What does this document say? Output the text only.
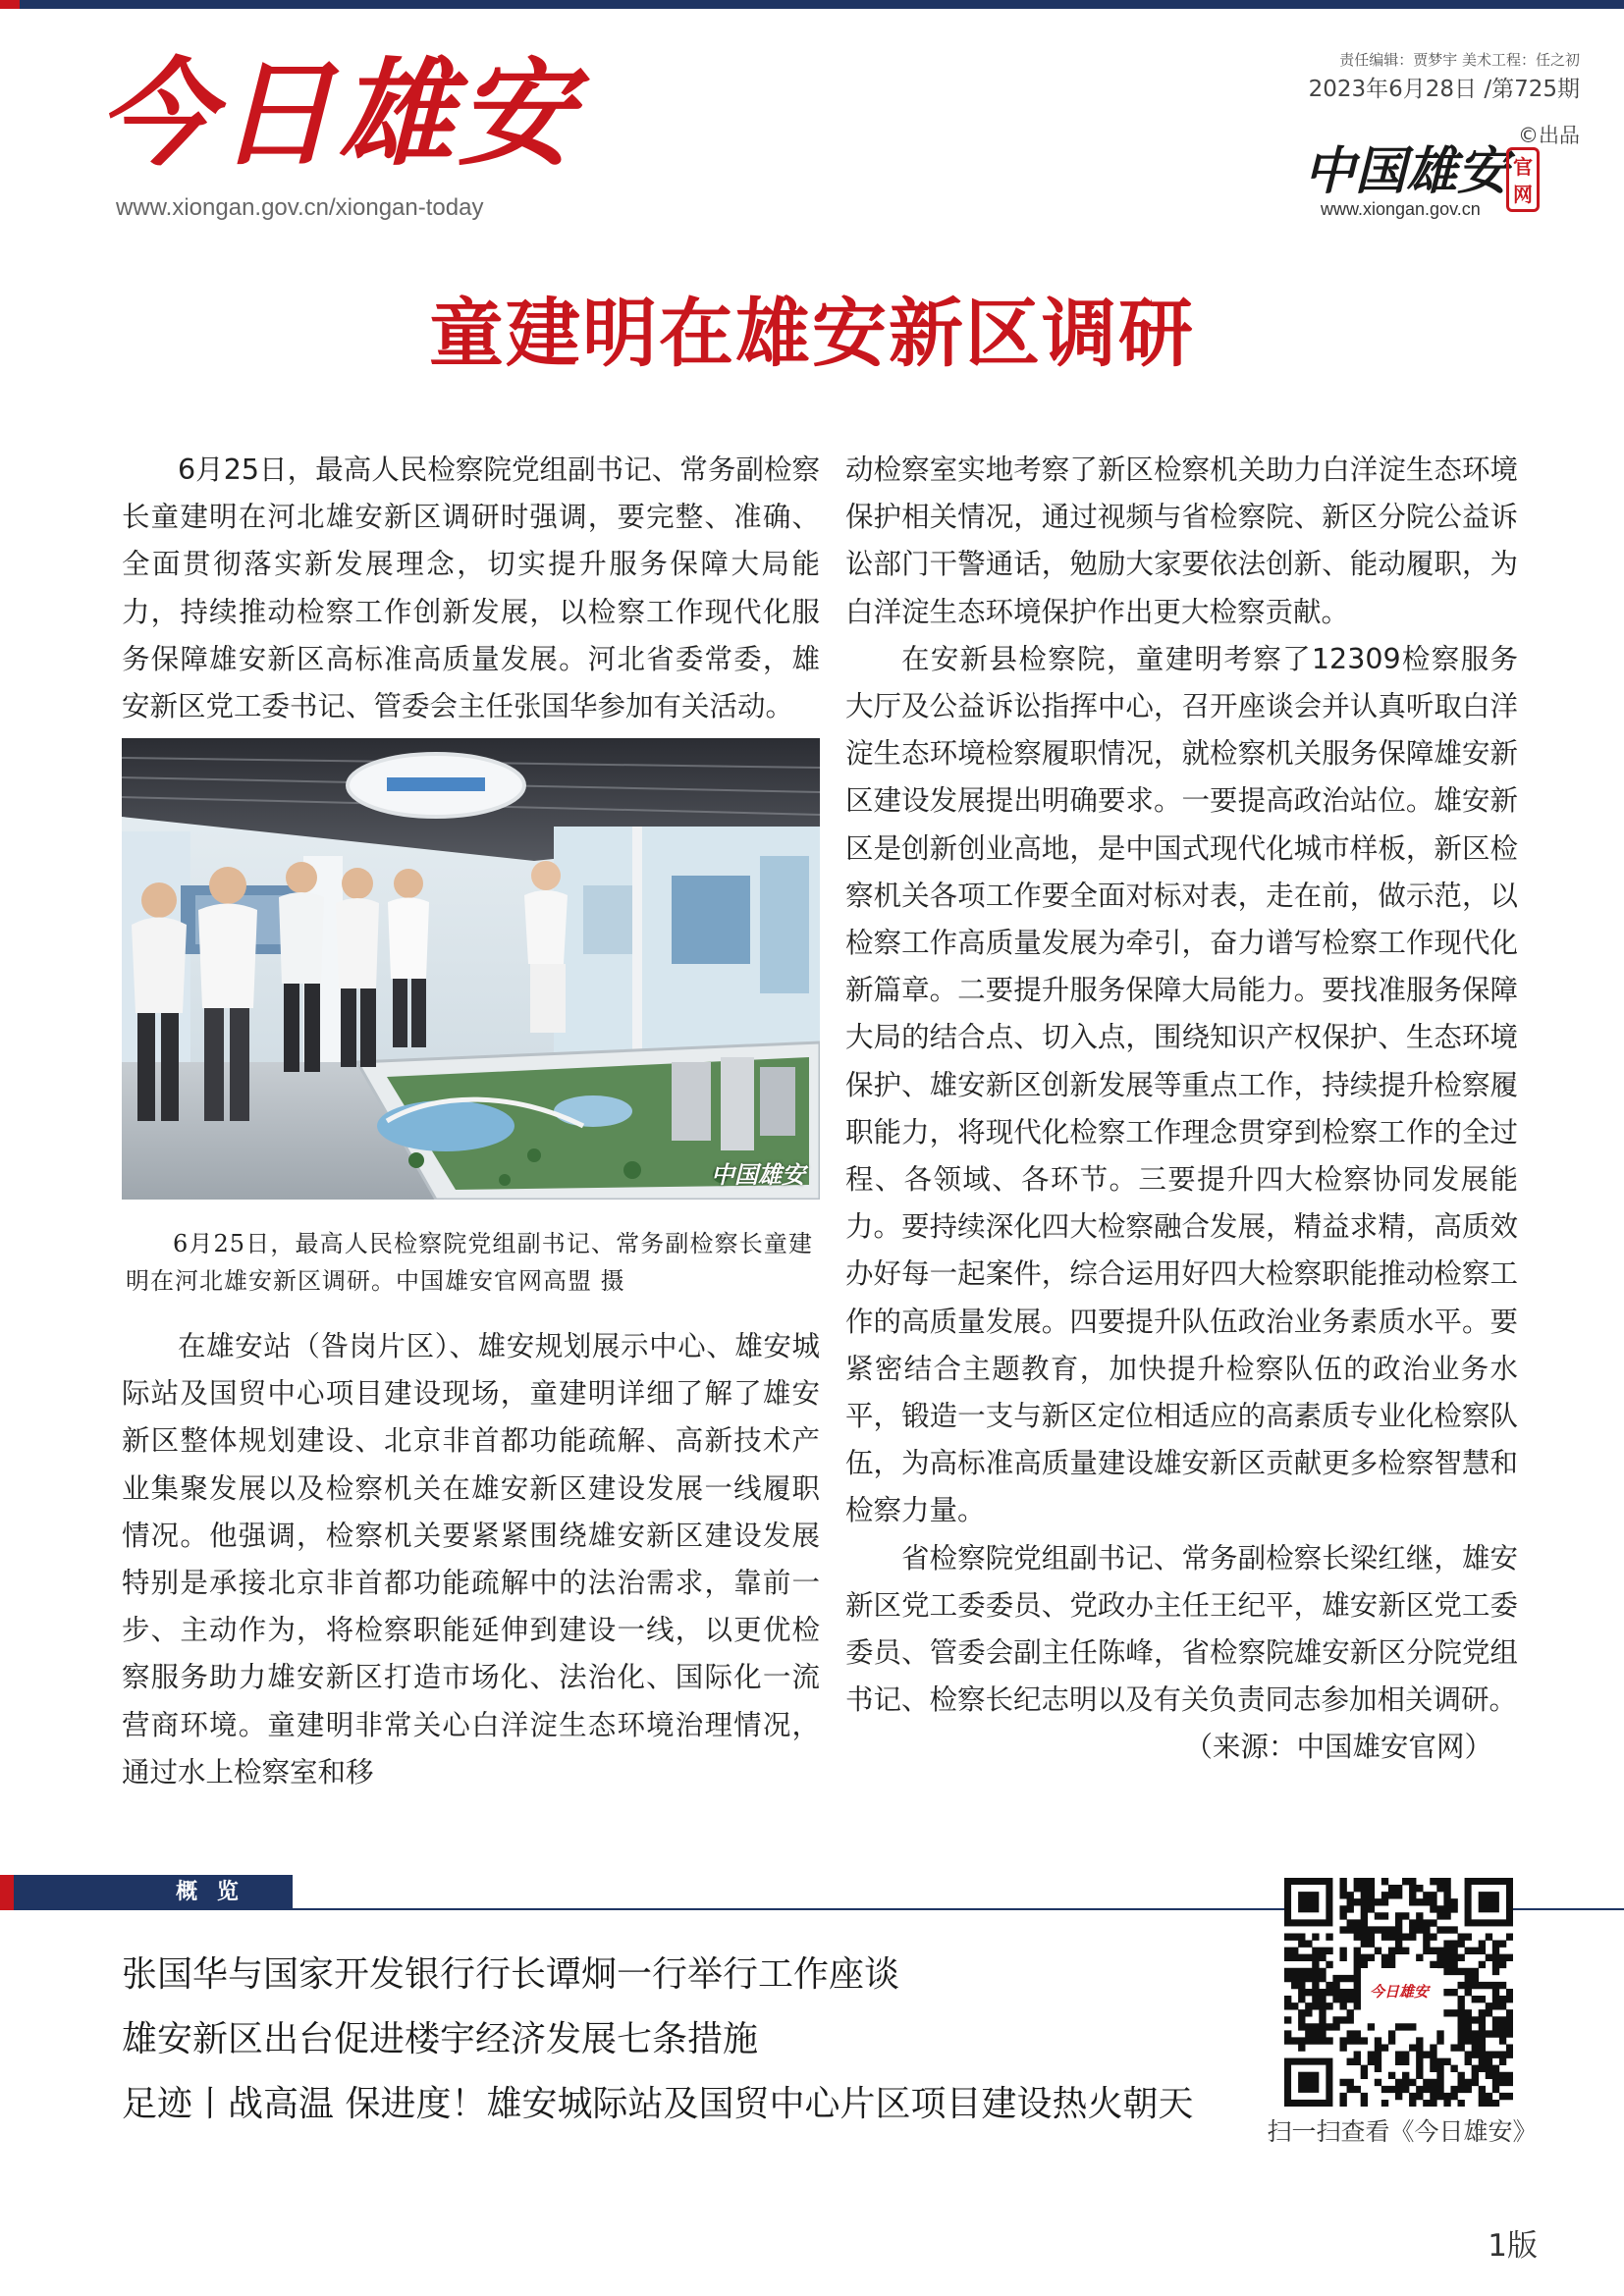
今日雄安
www.xiongan.gov.cn/xiongan-today
责任编辑：贾梦宇 美术工程：任之初
2023年6月28日 /第725期
©出品
中国雄安 官网
www.xiongan.gov.cn
童建明在雄安新区调研

6月25日，最高人民检察院党组副书记、常务副检察长童建明在河北雄安新区调研时强调，要完整、准确、全面贯彻落实新发展理念，切实提升服务保障大局能力，持续推动检察工作创新发展，以检察工作现代化服务保障雄安新区高标准高质量发展。河北省委常委，雄安新区党工委书记、管委会主任张国华参加有关活动。

中国雄安

6月25日，最高人民检察院党组副书记、常务副检察长童建明在河北雄安新区调研。中国雄安官网高盟 摄

在雄安站（昝岗片区）、雄安规划展示中心、雄安城际站及国贸中心项目建设现场，童建明详细了解了雄安新区整体规划建设、北京非首都功能疏解、高新技术产业集聚发展以及检察机关在雄安新区建设发展一线履职情况。他强调，检察机关要紧紧围绕雄安新区建设发展特别是承接北京非首都功能疏解中的法治需求，靠前一步、主动作为，将检察职能延伸到建设一线，以更优检察服务助力雄安新区打造市场化、法治化、国际化一流营商环境。童建明非常关心白洋淀生态环境治理情况，通过水上检察室和移

动检察室实地考察了新区检察机关助力白洋淀生态环境保护相关情况，通过视频与省检察院、新区分院公益诉讼部门干警通话，勉励大家要依法创新、能动履职，为白洋淀生态环境保护作出更大检察贡献。

在安新县检察院，童建明考察了12309检察服务大厅及公益诉讼指挥中心，召开座谈会并认真听取白洋淀生态环境检察履职情况，就检察机关服务保障雄安新区建设发展提出明确要求。一要提高政治站位。雄安新区是创新创业高地，是中国式现代化城市样板，新区检察机关各项工作要全面对标对表，走在前，做示范，以检察工作高质量发展为牵引，奋力谱写检察工作现代化新篇章。二要提升服务保障大局能力。要找准服务保障大局的结合点、切入点，围绕知识产权保护、生态环境保护、雄安新区创新发展等重点工作，持续提升检察履职能力，将现代化检察工作理念贯穿到检察工作的全过程、各领域、各环节。三要提升四大检察协同发展能力。要持续深化四大检察融合发展，精益求精，高质效办好每一起案件，综合运用好四大检察职能推动检察工作的高质量发展。四要提升队伍政治业务素质水平。要紧密结合主题教育，加快提升检察队伍的政治业务水平，锻造一支与新区定位相适应的高素质专业化检察队伍，为高标准高质量建设雄安新区贡献更多检察智慧和检察力量。

省检察院党组副书记、常务副检察长梁红继，雄安新区党工委委员、党政办主任王纪平，雄安新区党工委委员、管委会副主任陈峰，省检察院雄安新区分院党组书记、检察长纪志明以及有关负责同志参加相关调研。

（来源：中国雄安官网）

概 览
张国华与国家开发银行行长谭炯一行举行工作座谈
雄安新区出台促进楼宇经济发展七条措施
足迹丨战高温 保进度！雄安城际站及国贸中心片区项目建设热火朝天
今日雄安
扫一扫查看《今日雄安》
1版
